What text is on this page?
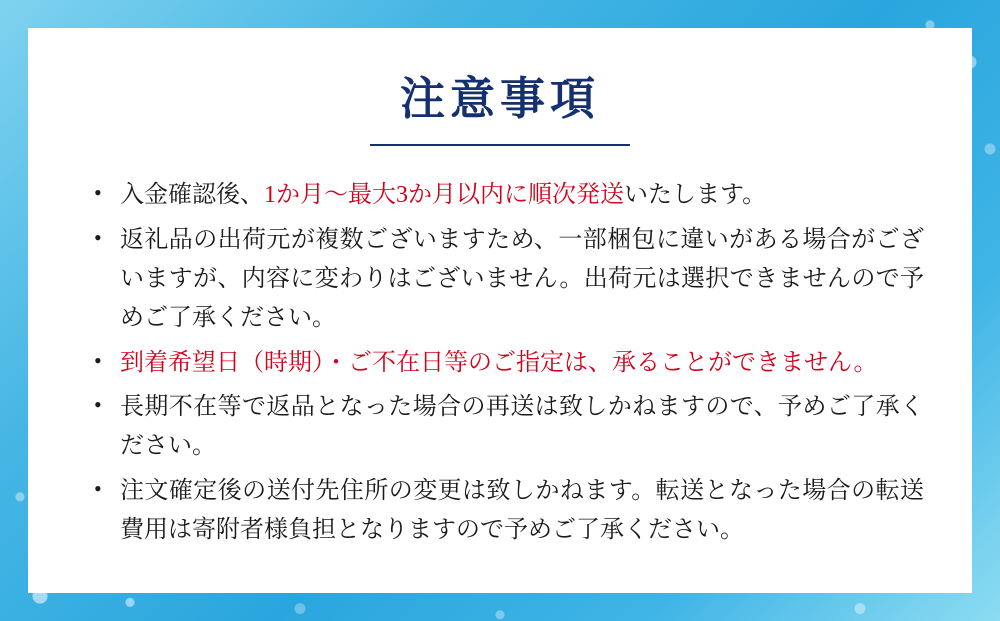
注意事項
• 入金確認後、1か月〜最大3か月以内に順次発送いたします。
• 返礼品の出荷元が複数ございますため、一部梱包に違いがある場合がございますが、内容に変わりはございません。出荷元は選択できませんので予めご了承ください。
• 到着希望日（時期）・ご不在日等のご指定は、承ることができません。
• 長期不在等で返品となった場合の再送は致しかねますので、予めご了承ください。
• 注文確定後の送付先住所の変更は致しかねます。転送となった場合の転送費用は寄附者様負担となりますので予めご了承ください。
